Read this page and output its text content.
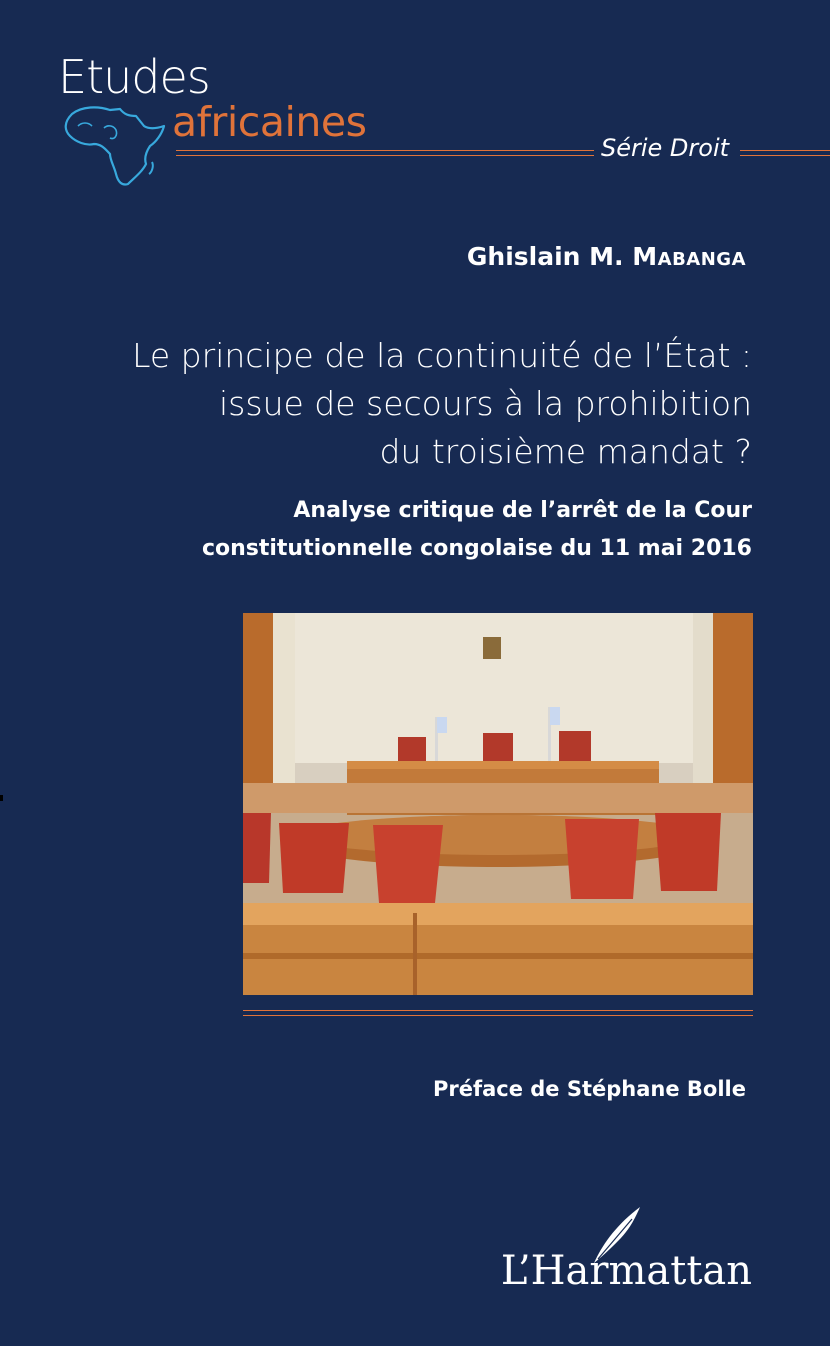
Etudes
africaines
Série Droit
Ghislain M. Mabanga
Le principe de la continuité de l’État :
issue de secours à la prohibition
du troisième mandat ?
Analyse critique de l’arrêt de la Cour
constitutionnelle congolaise du 11 mai 2016
Préface de Stéphane Bolle
L’Harmattan
